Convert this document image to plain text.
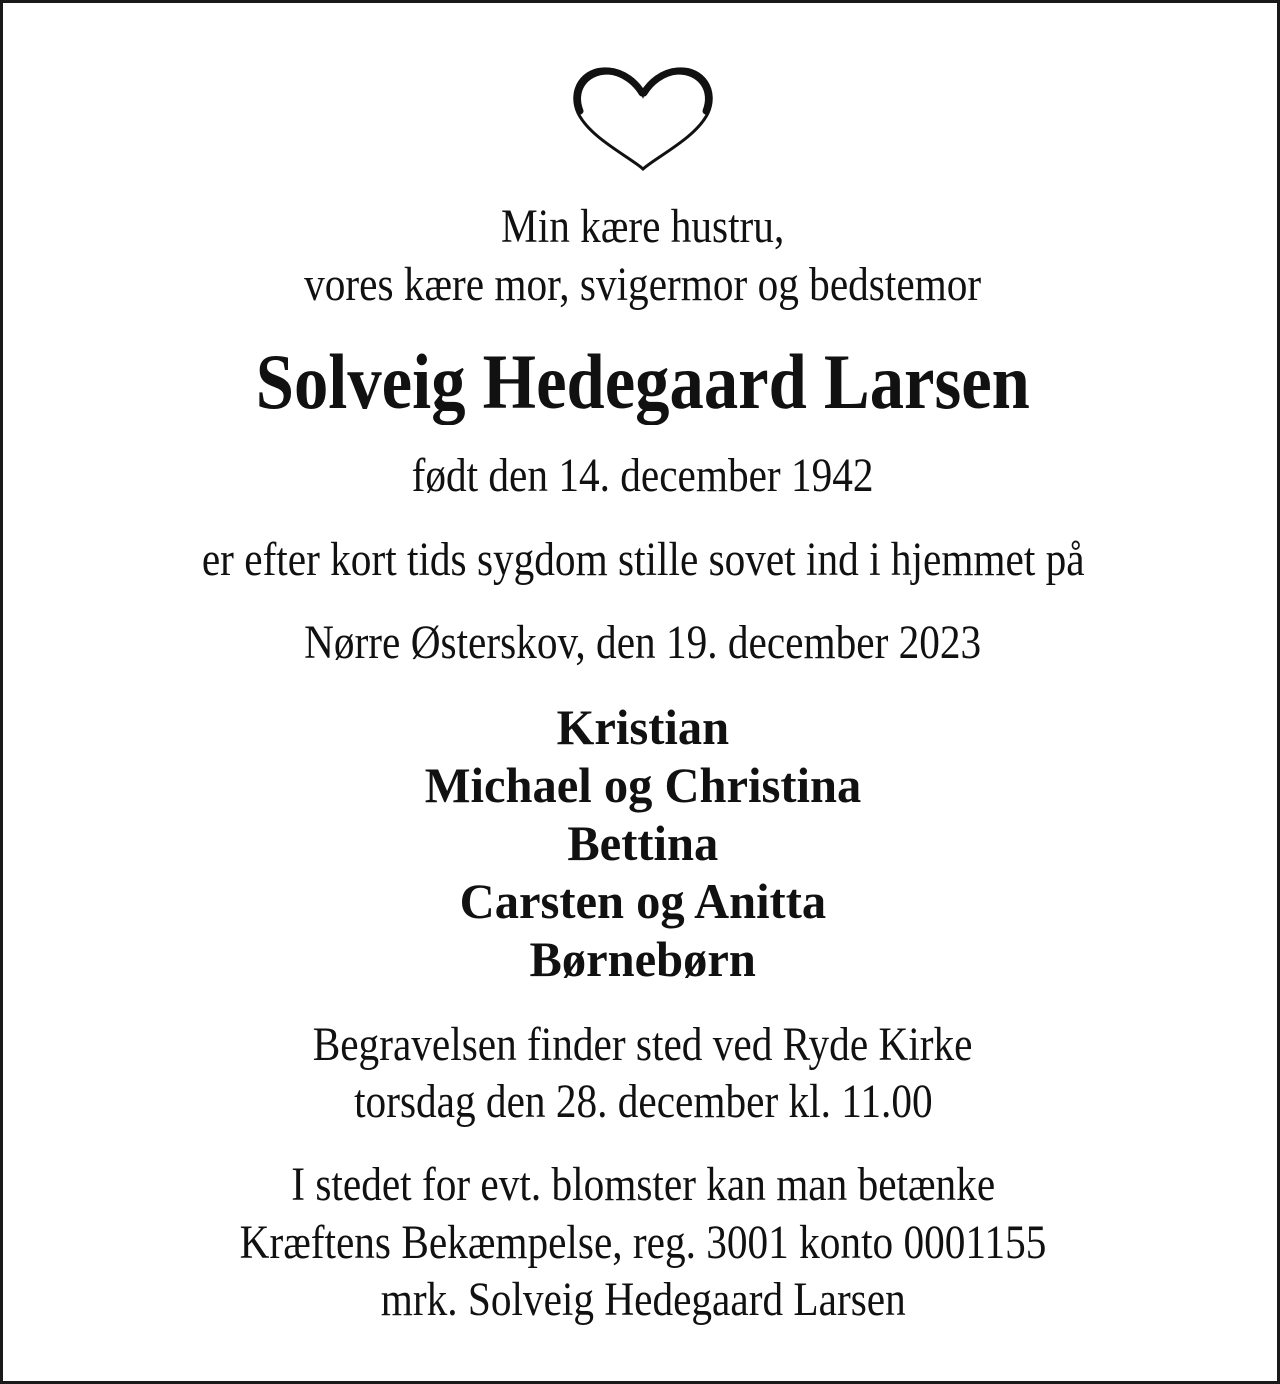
Min kære hustru,
vores kære mor, svigermor og bedstemor
Solveig Hedegaard Larsen
født den 14. december 1942
er efter kort tids sygdom stille sovet ind i hjemmet på
Nørre Østerskov, den 19. december 2023
Kristian
Michael og Christina
Bettina
Carsten og Anitta
Børnebørn
Begravelsen finder sted ved Ryde Kirke
torsdag den 28. december kl. 11.00
I stedet for evt. blomster kan man betænke
Kræftens Bekæmpelse, reg. 3001 konto 0001155
mrk. Solveig Hedegaard Larsen
